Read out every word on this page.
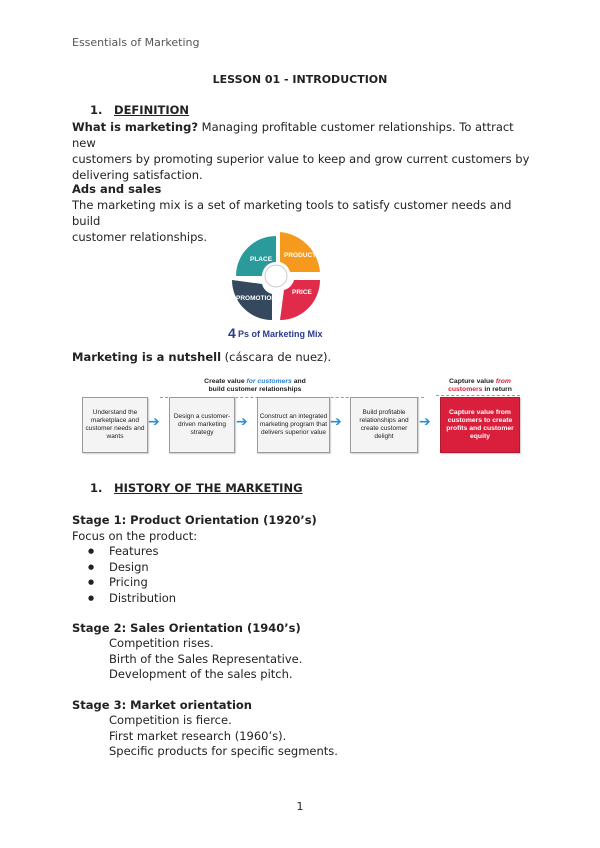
Essentials of Marketing
LESSON 01 - INTRODUCTION
1. DEFINITION
What is marketing? Managing profitable customer relationships. To attract new
customers by promoting superior value to keep and grow current customers by
delivering satisfaction.
Ads and sales
The marketing mix is a set of marketing tools to satisfy customer needs and build
customer relationships.
PLACE
PRODUCT
PRICE
PROMOTION
4 Ps of Marketing Mix
Marketing is a nutshell (cáscara de nuez).
Create value for customers and
build customer relationships
Capture value from
customers in return
Understand the marketplace and customer needs and wants
➔	Design a customer-driven marketing strategy
➔	Construct an integrated marketing program that delivers superior value
➔
Build profitable relationships and create customer delight
➔
Capture value from customers to create profits and customer equity
1. HISTORY OF THE MARKETING
Stage 1: Product Orientation (1920’s)
Focus on the product:
● Features
● Design
● Pricing
● Distribution
Stage 2: Sales Orientation (1940’s)
Competition rises.
Birth of the Sales Representative.
Development of the sales pitch.
Stage 3: Market orientation
Competition is fierce.
First market research (1960’s).
Specific products for specific segments.
1
